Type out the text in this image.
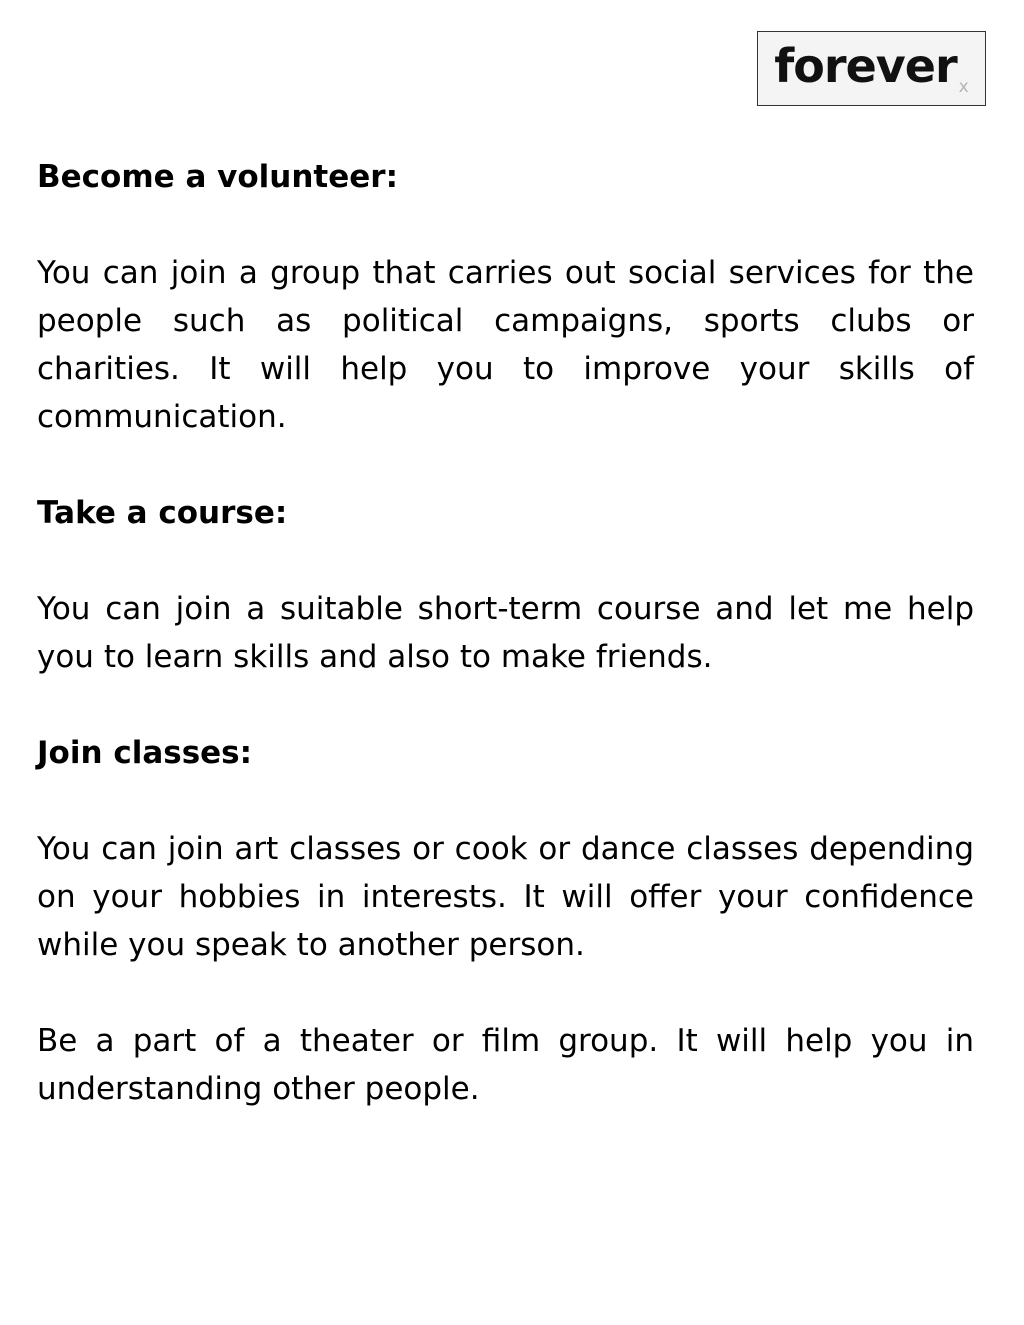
forever x

Become a volunteer:

You can join a group that carries out social services for the people such as political campaigns, sports clubs or charities. It will help you to improve your skills of communication.

Take a course:

You can join a suitable short-term course and let me help you to learn skills and also to make friends.

Join classes:

You can join art classes or cook or dance classes depending on your hobbies in interests. It will offer your confidence while you speak to another person.

Be a part of a theater or film group. It will help you in understanding other people.
